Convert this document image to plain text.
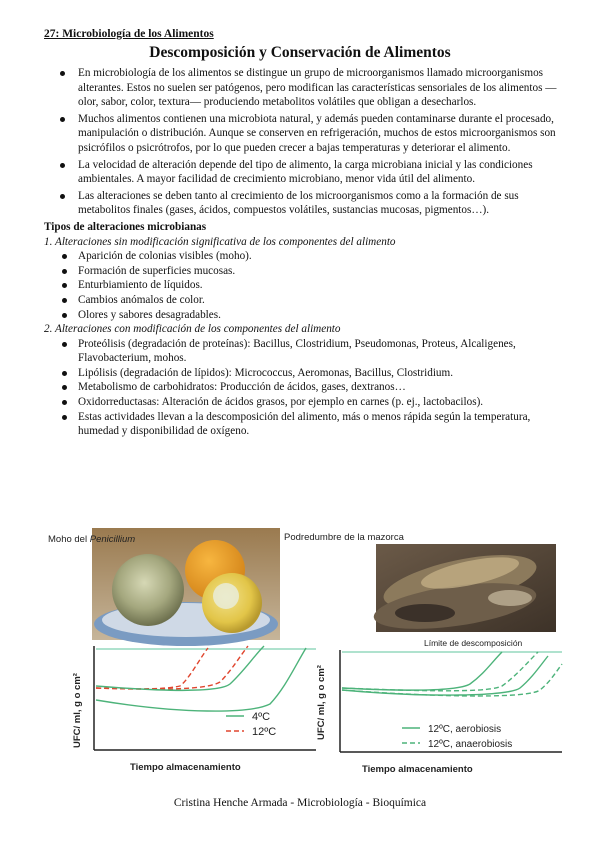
27: Microbiología de los Alimentos
Descomposición y Conservación de Alimentos
En microbiología de los alimentos se distingue un grupo de microorganismos llamado microorganismos alterantes. Estos no suelen ser patógenos, pero modifican las características sensoriales de los alimentos —olor, sabor, color, textura— produciendo metabolitos volátiles que obligan a desecharlos.
Muchos alimentos contienen una microbiota natural, y además pueden contaminarse durante el procesado, manipulación o distribución. Aunque se conserven en refrigeración, muchos de estos microorganismos son psicrófilos o psicrótrofos, por lo que pueden crecer a bajas temperaturas y deteriorar el alimento.
La velocidad de alteración depende del tipo de alimento, la carga microbiana inicial y las condiciones ambientales. A mayor facilidad de crecimiento microbiano, menor vida útil del alimento.
Las alteraciones se deben tanto al crecimiento de los microorganismos como a la formación de sus metabolitos finales (gases, ácidos, compuestos volátiles, sustancias mucosas, pigmentos…).
Tipos de alteraciones microbianas
1. Alteraciones sin modificación significativa de los componentes del alimento
Aparición de colonias visibles (moho).
Formación de superficies mucosas.
Enturbiamiento de líquidos.
Cambios anómalos de color.
Olores y sabores desagradables.
2. Alteraciones con modificación de los componentes del alimento
Proteólisis (degradación de proteínas): Bacillus, Clostridium, Pseudomonas, Proteus, Alcaligenes, Flavobacterium, mohos.
Lipólisis (degradación de lípidos): Micrococcus, Aeromonas, Bacillus, Clostridium.
Metabolismo de carbohidratos: Producción de ácidos, gases, dextranos…
Oxidorreductasas: Alteración de ácidos grasos, por ejemplo en carnes (p. ej., lactobacilos).
Estas actividades llevan a la descomposición del alimento, más o menos rápida según la temperatura, humedad y disponibilidad de oxígeno.
Moho del Penicillium	Podredumbre de la mazorca
4ºC
12ºC
Tiempo almacenamiento
UFC/ ml, g o cm²
Límite de descomposición
12ºC, aerobiosis
12ºC, anaerobiosis
Tiempo almacenamiento
UFC/ ml, g o cm²
Cristina Henche Armada - Microbiología - Bioquímica
